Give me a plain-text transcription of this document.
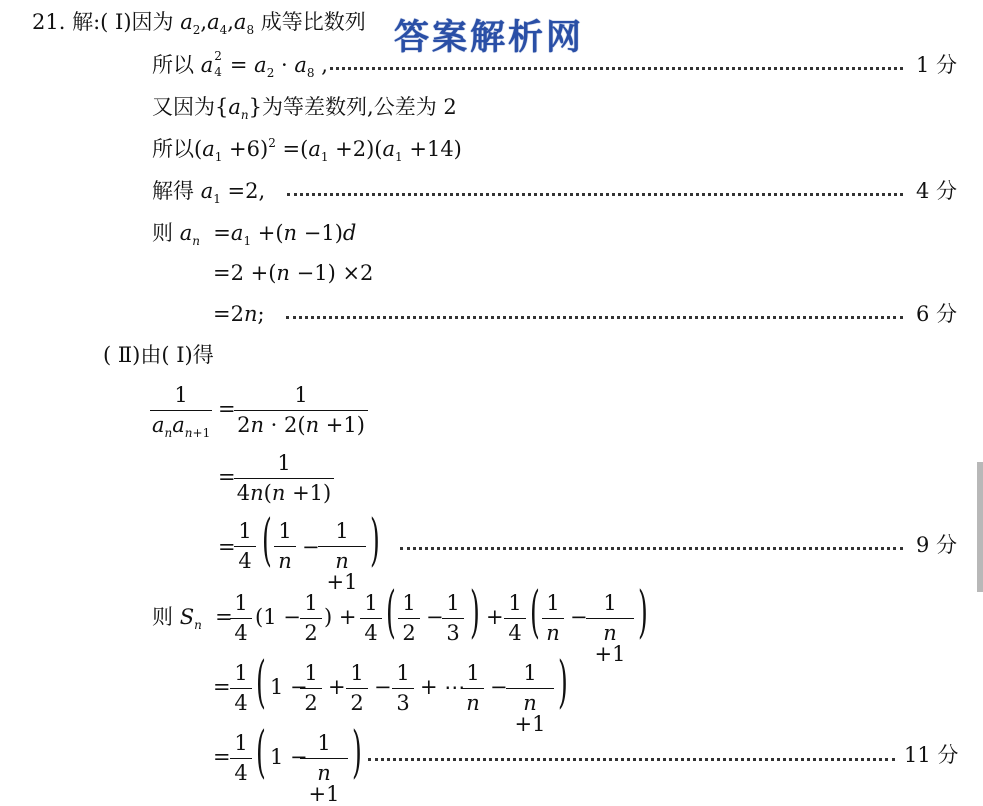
答案解析网
21. 解:( Ⅰ)因为 $a_2,a_4,a_8$ 成等比数列
所以 a 2
$4 = a_2 \cdot a_8$ ,	1 分
又因为$\{a_n\}$为等差数列,公差为 2
所以$(a_1 +6)^2 =(a_1 +2)(a_1 +14)$
解得 $a_1 =2$,	4 分
则 $a_n =a_1 +(n -1)d$
=2 +(n −1) ×2
=2n;	6 分
( Ⅱ)由( Ⅰ)得
1
$a_na_{n+1}$
=
1
2n · 2(n +1)
=
1
4n(n +1)
=
1
4 ( 1
n
−
1
n +1
)	9 分
则 $S_n$  =
1
4
(1 −
1
2
) +
1
4 ( 1
2
−
1
3 ) +
1
4 ( 1
n
−
1
n +1
)
=
1
4 ( 1 −
1
2
+
1
2
−
1
3
+ ⋯
1
n
−
1
n +1
)
=
1
4 ( 1 −
1
n +1
)	11 分
